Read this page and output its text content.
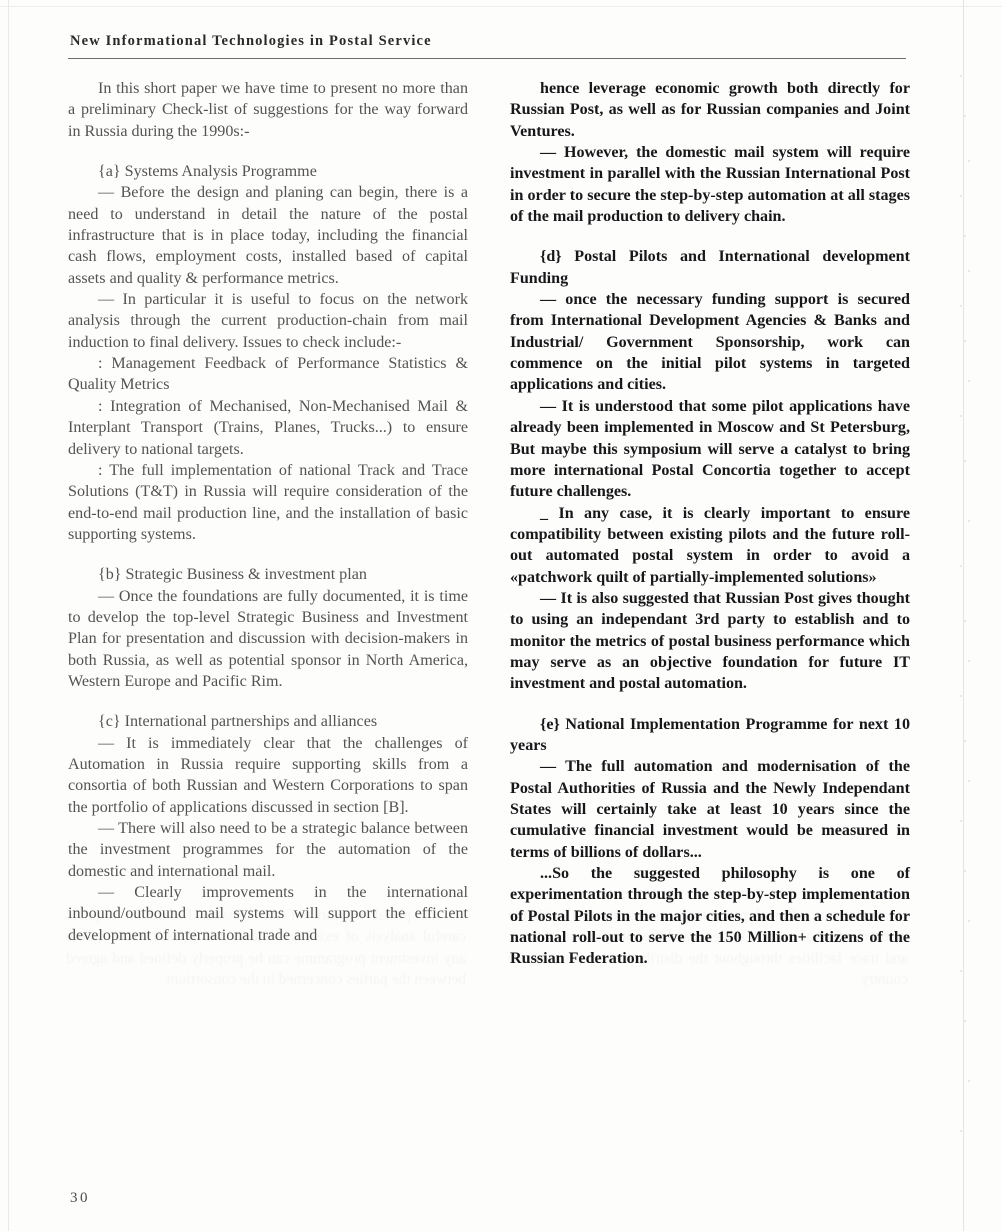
New Informational Technologies in Postal Service

In this short paper we have time to present no more than a preliminary Check-list of suggestions for the way forward in Russia during the 1990s:-

{a} Systems Analysis Programme

— Before the design and planing can begin, there is a need to understand in detail the nature of the postal infrastructure that is in place today, including the financial cash flows, employment costs, installed based of capital assets and quality & performance metrics.

— In particular it is useful to focus on the network analysis through the current production-chain from mail induction to final delivery. Issues to check include:-

: Management Feedback of Performance Statistics & Quality Metrics

: Integration of Mechanised, Non-Mechanised Mail & Interplant Transport (Trains, Planes, Trucks...) to ensure delivery to national targets.

: The full implementation of national Track and Trace Solutions (T&T) in Russia will require consideration of the end-to-end mail production line, and the installation of basic supporting systems.

{b} Strategic Business & investment plan

— Once the foundations are fully documented, it is time to develop the top-level Strategic Business and Investment Plan for presentation and discussion with decision-makers in both Russia, as well as potential sponsor in North America, Western Europe and Pacific Rim.

{c} International partnerships and alliances

— It is immediately clear that the challenges of Automation in Russia require supporting skills from a consortia of both Russian and Western Corporations to span the portfolio of applications discussed in section [B].

— There will also need to be a strategic balance between the investment programmes for the automation of the domestic and international mail.

— Clearly improvements in the international inbound/outbound mail systems will support the efficient development of international trade and

hence leverage economic growth both directly for Russian Post, as well as for Russian companies and Joint Ventures.

— However, the domestic mail system will require investment in parallel with the Russian International Post in order to secure the step-by-step automation at all stages of the mail production to delivery chain.

{d} Postal Pilots and International development Funding

— once the necessary funding support is secured from International Development Agencies & Banks and Industrial/ Government Sponsorship, work can commence on the initial pilot systems in targeted applications and cities.

— It is understood that some pilot applications have already been implemented in Moscow and St Petersburg, But maybe this symposium will serve a catalyst to bring more international Postal Concortia together to accept future challenges.

_ In any case, it is clearly important to ensure compatibility between existing pilots and the future roll-out automated postal system in order to avoid a «patchwork quilt of partially-implemented solutions»

— It is also suggested that Russian Post gives thought to using an independant 3rd party to establish and to monitor the metrics of postal business performance which may serve as an objective foundation for future IT investment and postal automation.

{e} National Implementation Programme for next 10 years

— The full automation and modernisation of the Postal Authorities of Russia and the Newly Independant States will certainly take at least 10 years since the cumulative financial investment would be measured in terms of billions of dollars...

...So the suggested philosophy is one of experimentation through the step-by-step implementation of Postal Pilots in the major cities, and then a schedule for national roll-out to serve the 150 Million+ citizens of the Russian Federation.

30
